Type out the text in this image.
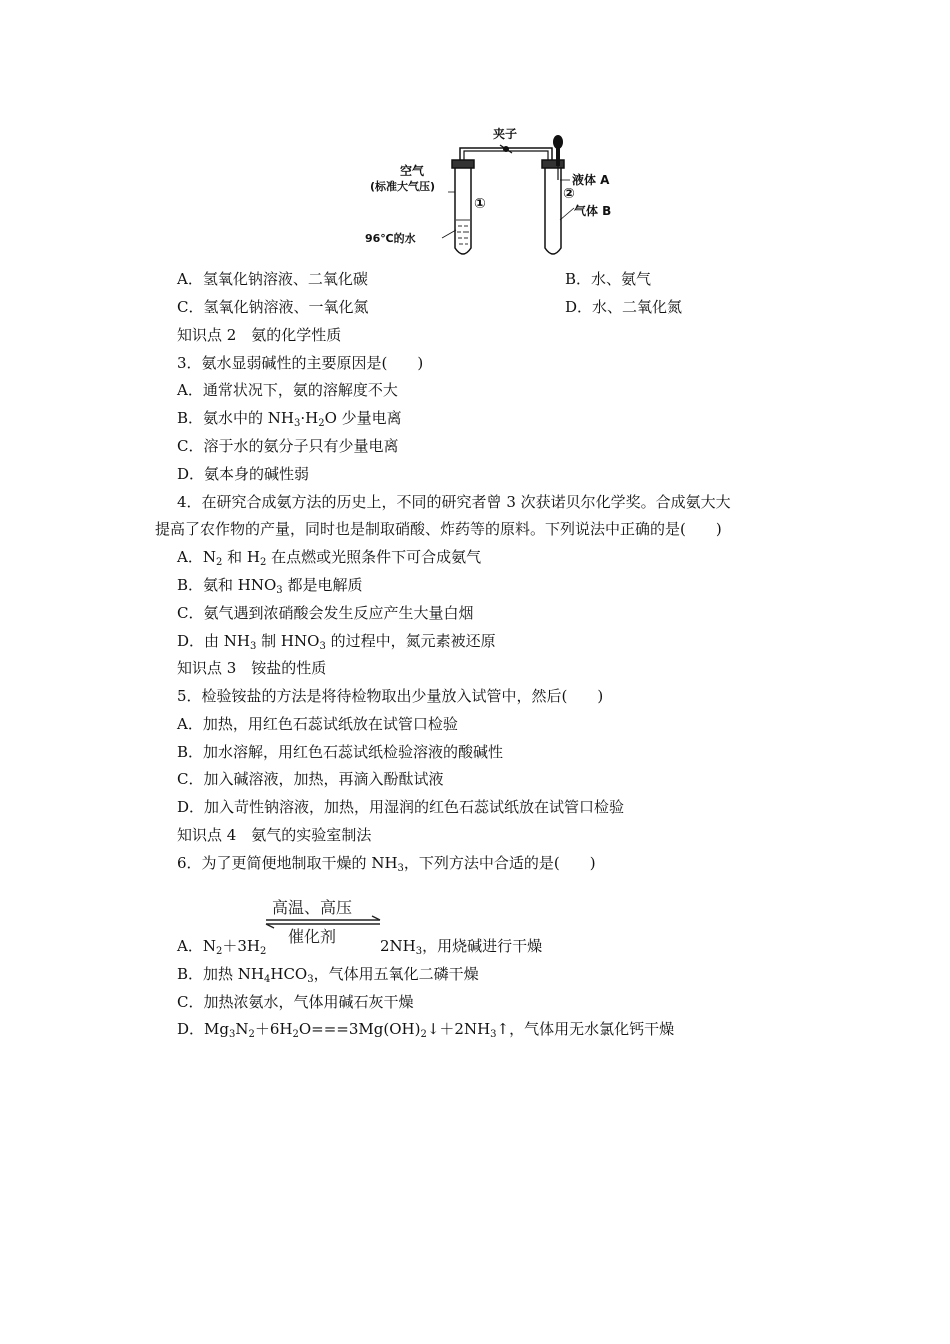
夹子
空气
(标准大气压)
96℃的水
①
②
液体 A
气体 B
A．氢氧化钠溶液、二氧化碳	B．水、氨气
C．氢氧化钠溶液、一氧化氮	D．水、二氧化氮
知识点 2　氨的化学性质
3．氨水显弱碱性的主要原因是(　　)
A．通常状况下，氨的溶解度不大
B．氨水中的 $NH_3\cdot H_2O$ 少量电离
C．溶于水的氨分子只有少量电离
D．氨本身的碱性弱
4．在研究合成氨方法的历史上，不同的研究者曾 3 次获诺贝尔化学奖。合成氨大大
提高了农作物的产量，同时也是制取硝酸、炸药等的原料。下列说法中正确的是(　　)
A．$N_2$ 和 $H_2$ 在点燃或光照条件下可合成氨气
B．氨和 $HNO_3$ 都是电解质
C．氨气遇到浓硝酸会发生反应产生大量白烟
D．由 $NH_3$ 制 $HNO_3$ 的过程中，氮元素被还原
知识点 3　铵盐的性质
5．检验铵盐的方法是将待检物取出少量放入试管中，然后(　　)
A．加热，用红色石蕊试纸放在试管口检验
B．加水溶解，用红色石蕊试纸检验溶液的酸碱性
C．加入碱溶液，加热，再滴入酚酞试液
D．加入苛性钠溶液，加热，用湿润的红色石蕊试纸放在试管口检验
知识点 4　氨气的实验室制法
6．为了更简便地制取干燥的 $NH_3$，下列方法中合适的是(　　)
高温、高压
催化剂
A．$N_2+3H_2$	$2NH_3$，用烧碱进行干燥
B．加热 $NH_4HCO_3$，气体用五氧化二磷干燥
C．加热浓氨水，气体用碱石灰干燥
D．$Mg_3N_2+6H_2O===3Mg(OH)_2↓+2NH_3↑$，气体用无水氯化钙干燥
